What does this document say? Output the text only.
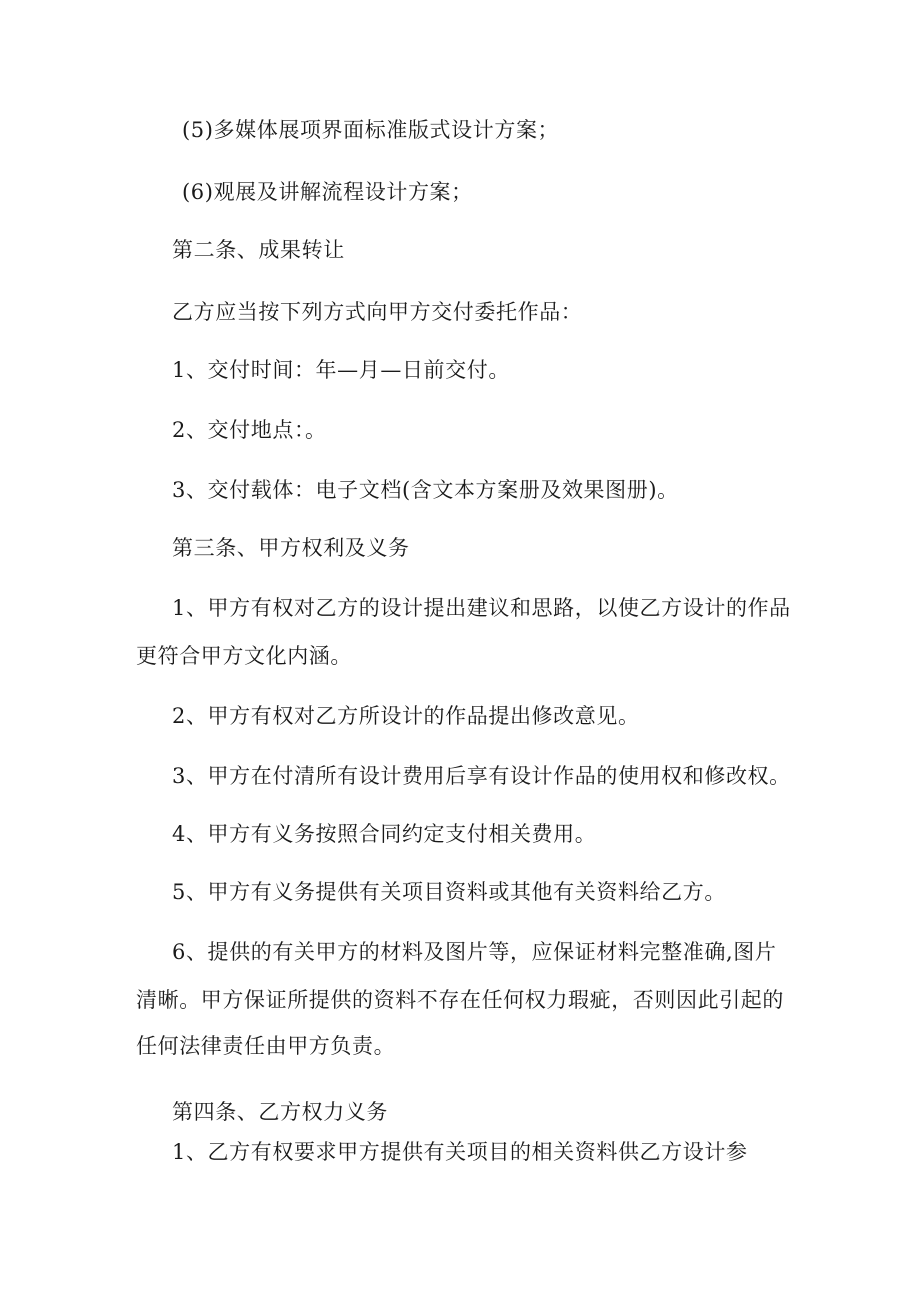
(5)多媒体展项界面标准版式设计方案；

(6)观展及讲解流程设计方案；

第二条、成果转让

乙方应当按下列方式向甲方交付委托作品：

1、交付时间：年—月—日前交付。

2、交付地点：。

3、交付载体：电子文档(含文本方案册及效果图册)。

第三条、甲方权利及义务

1、甲方有权对乙方的设计提出建议和思路，以使乙方设计的作品

更符合甲方文化内涵。

2、甲方有权对乙方所设计的作品提出修改意见。

3、甲方在付清所有设计费用后享有设计作品的使用权和修改权。

4、甲方有义务按照合同约定支付相关费用。

5、甲方有义务提供有关项目资料或其他有关资料给乙方。

6、提供的有关甲方的材料及图片等，应保证材料完整准确,图片

清晰。甲方保证所提供的资料不存在任何权力瑕疵，否则因此引起的

任何法律责任由甲方负责。

第四条、乙方权力义务

1、乙方有权要求甲方提供有关项目的相关资料供乙方设计参
